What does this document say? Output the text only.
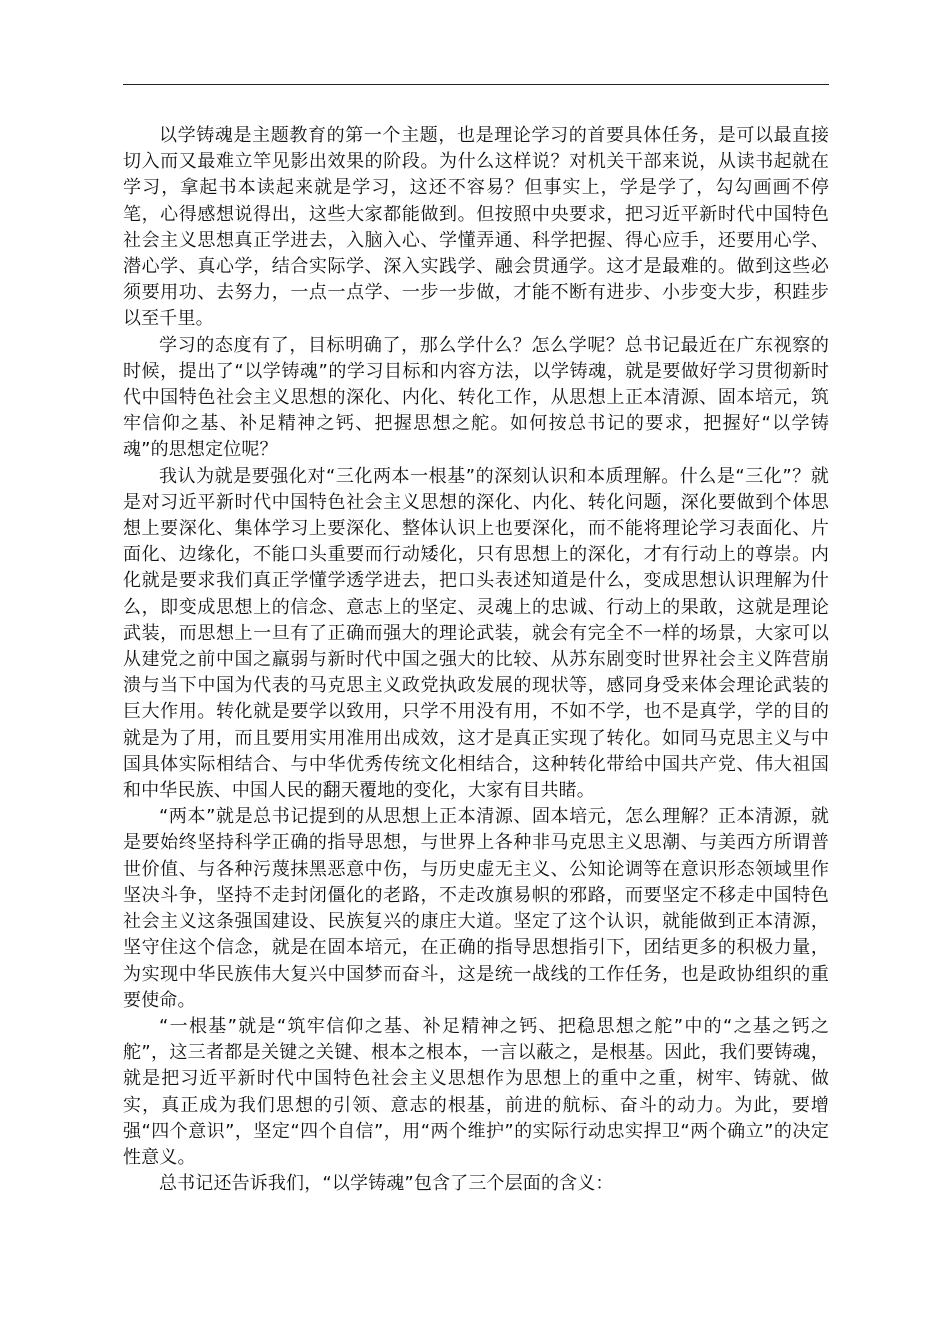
以学铸魂是主题教育的第一个主题，也是理论学习的首要具体任务，是可以最直接切入而又最难立竿见影出效果的阶段。为什么这样说？对机关干部来说，从读书起就在学习，拿起书本读起来就是学习，这还不容易？但事实上，学是学了，勾勾画画不停笔，心得感想说得出，这些大家都能做到。但按照中央要求，把习近平新时代中国特色社会主义思想真正学进去，入脑入心、学懂弄通、科学把握、得心应手，还要用心学、潜心学、真心学，结合实际学、深入实践学、融会贯通学。这才是最难的。做到这些必须要用功、去努力，一点一点学、一步一步做，才能不断有进步、小步变大步，积跬步以至千里。

学习的态度有了，目标明确了，那么学什么？怎么学呢？总书记最近在广东视察的时候，提出了“以学铸魂”的学习目标和内容方法，以学铸魂，就是要做好学习贯彻新时代中国特色社会主义思想的深化、内化、转化工作，从思想上正本清源、固本培元，筑牢信仰之基、补足精神之钙、把握思想之舵。如何按总书记的要求，把握好“以学铸魂”的思想定位呢？

我认为就是要强化对“三化两本一根基”的深刻认识和本质理解。什么是“三化”？就是对习近平新时代中国特色社会主义思想的深化、内化、转化问题，深化要做到个体思想上要深化、集体学习上要深化、整体认识上也要深化，而不能将理论学习表面化、片面化、边缘化，不能口头重要而行动矮化，只有思想上的深化，才有行动上的尊崇。内化就是要求我们真正学懂学透学进去，把口头表述知道是什么，变成思想认识理解为什么，即变成思想上的信念、意志上的坚定、灵魂上的忠诚、行动上的果敢，这就是理论武装，而思想上一旦有了正确而强大的理论武装，就会有完全不一样的场景，大家可以从建党之前中国之羸弱与新时代中国之强大的比较、从苏东剧变时世界社会主义阵营崩溃与当下中国为代表的马克思主义政党执政发展的现状等，感同身受来体会理论武装的巨大作用。转化就是要学以致用，只学不用没有用，不如不学，也不是真学，学的目的就是为了用，而且要用实用准用出成效，这才是真正实现了转化。如同马克思主义与中国具体实际相结合、与中华优秀传统文化相结合，这种转化带给中国共产党、伟大祖国和中华民族、中国人民的翻天覆地的变化，大家有目共睹。

“两本”就是总书记提到的从思想上正本清源、固本培元，怎么理解？正本清源，就是要始终坚持科学正确的指导思想，与世界上各种非马克思主义思潮、与美西方所谓普世价值、与各种污蔑抹黑恶意中伤，与历史虚无主义、公知论调等在意识形态领域里作坚决斗争，坚持不走封闭僵化的老路，不走改旗易帜的邪路，而要坚定不移走中国特色社会主义这条强国建设、民族复兴的康庄大道。坚定了这个认识，就能做到正本清源，坚守住这个信念，就是在固本培元，在正确的指导思想指引下，团结更多的积极力量，为实现中华民族伟大复兴中国梦而奋斗，这是统一战线的工作任务，也是政协组织的重要使命。

“一根基”就是“筑牢信仰之基、补足精神之钙、把稳思想之舵”中的“之基之钙之舵”，这三者都是关键之关键、根本之根本，一言以蔽之，是根基。因此，我们要铸魂，就是把习近平新时代中国特色社会主义思想作为思想上的重中之重，树牢、铸就、做实，真正成为我们思想的引领、意志的根基，前进的航标、奋斗的动力。为此，要增强“四个意识”，坚定“四个自信”，用“两个维护”的实际行动忠实捍卫“两个确立”的决定性意义。

总书记还告诉我们，“以学铸魂”包含了三个层面的含义：
